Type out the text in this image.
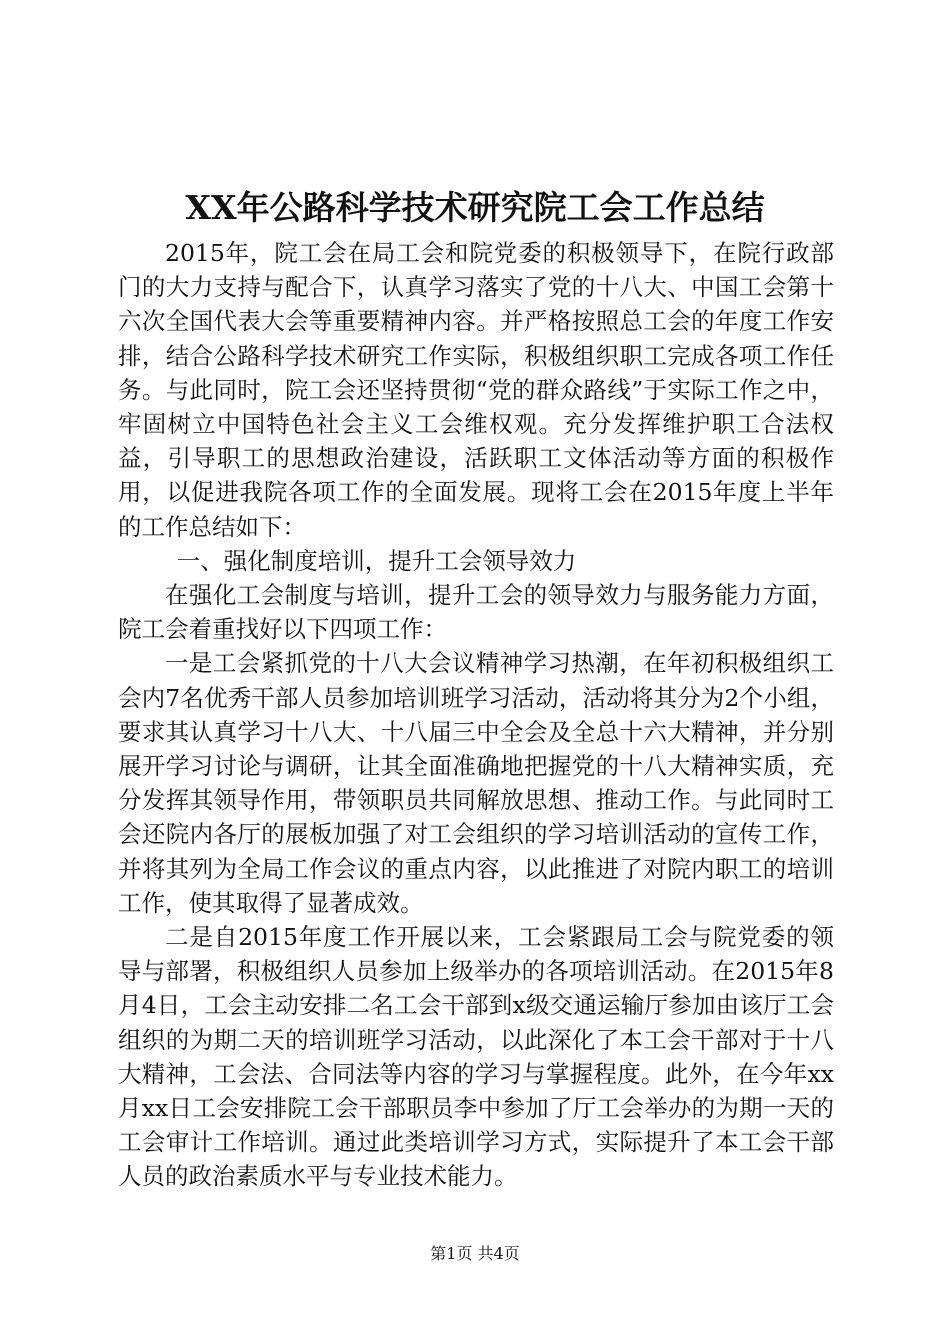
XX年公路科学技术研究院工会工作总结

2015年，院工会在局工会和院党委的积极领导下，在院行政部门的大力支持与配合下，认真学习落实了党的十八大、中国工会第十六次全国代表大会等重要精神内容。并严格按照总工会的年度工作安排，结合公路科学技术研究工作实际，积极组织职工完成各项工作任务。与此同时，院工会还坚持贯彻“党的群众路线”于实际工作之中，牢固树立中国特色社会主义工会维权观。充分发挥维护职工合法权益，引导职工的思想政治建设，活跃职工文体活动等方面的积极作用，以促进我院各项工作的全面发展。现将工会在2015年度上半年的工作总结如下：

一、强化制度培训，提升工会领导效力

在强化工会制度与培训，提升工会的领导效力与服务能力方面，院工会着重找好以下四项工作：

一是工会紧抓党的十八大会议精神学习热潮，在年初积极组织工会内7名优秀干部人员参加培训班学习活动，活动将其分为2个小组，要求其认真学习十八大、十八届三中全会及全总十六大精神，并分别展开学习讨论与调研，让其全面准确地把握党的十八大精神实质，充分发挥其领导作用，带领职员共同解放思想、推动工作。与此同时工会还院内各厅的展板加强了对工会组织的学习培训活动的宣传工作，并将其列为全局工作会议的重点内容，以此推进了对院内职工的培训工作，使其取得了显著成效。

二是自2015年度工作开展以来，工会紧跟局工会与院党委的领导与部署，积极组织人员参加上级举办的各项培训活动。在2015年8月4日，工会主动安排二名工会干部到x级交通运输厅参加由该厅工会组织的为期二天的培训班学习活动，以此深化了本工会干部对于十八大精神，工会法、合同法等内容的学习与掌握程度。此外，在今年xx月xx日工会安排院工会干部职员李中参加了厅工会举办的为期一天的工会审计工作培训。通过此类培训学习方式，实际提升了本工会干部人员的政治素质水平与专业技术能力。

第1页 共4页
